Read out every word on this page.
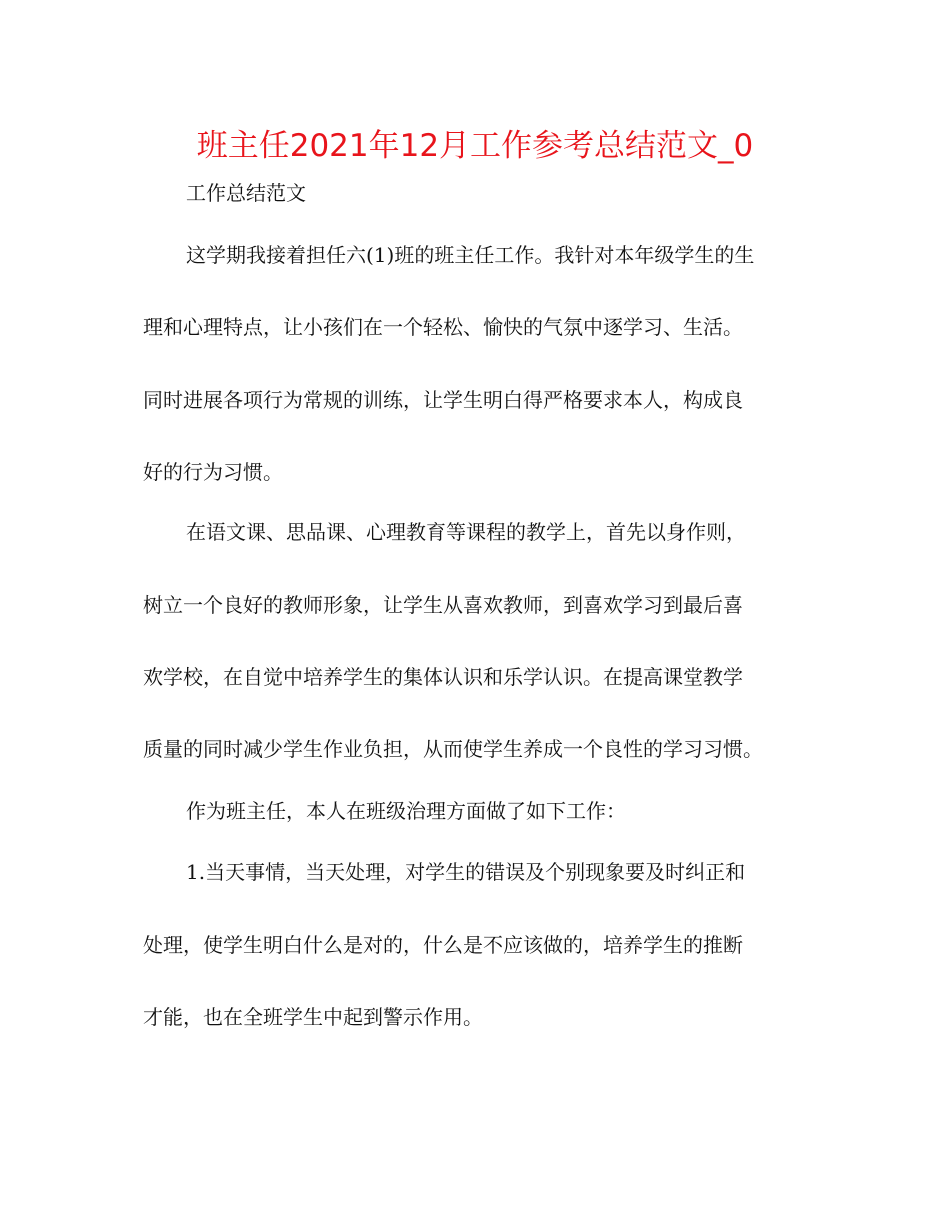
班主任2021年12月工作参考总结范文_0
工作总结范文
这学期我接着担任六(1)班的班主任工作。我针对本年级学生的生
理和心理特点，让小孩们在一个轻松、愉快的气氛中逐学习、生活。
同时进展各项行为常规的训练，让学生明白得严格要求本人，构成良
好的行为习惯。
在语文课、思品课、心理教育等课程的教学上，首先以身作则，
树立一个良好的教师形象，让学生从喜欢教师，到喜欢学习到最后喜
欢学校，在自觉中培养学生的集体认识和乐学认识。在提高课堂教学
质量的同时减少学生作业负担，从而使学生养成一个良性的学习习惯。
作为班主任，本人在班级治理方面做了如下工作：
1.当天事情，当天处理，对学生的错误及个别现象要及时纠正和
处理，使学生明白什么是对的，什么是不应该做的，培养学生的推断
才能，也在全班学生中起到警示作用。
